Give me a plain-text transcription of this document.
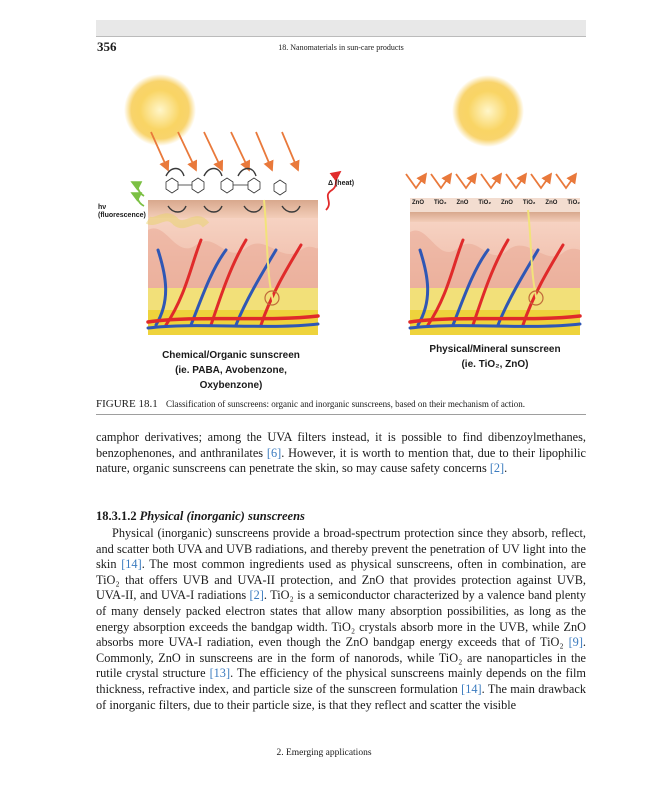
356	18. Nanomaterials in sun-care products
hν
(fluorescence)
Δ (heat)
ZnO TiO₂ ZnO TiO₂ ZnO TiO₂ ZnO TiO₂
Chemical/Organic sunscreen
(ie. PABA, Avobenzone,
Oxybenzone)
Physical/Mineral sunscreen
(ie. TiO₂, ZnO)
FIGURE 18.1 Classification of sunscreens: organic and inorganic sunscreens, based on their mechanism of action.

camphor derivatives; among the UVA filters instead, it is possible to find dibenzoylmethanes, benzophenones, and anthranilates [6]. However, it is worth to mention that, due to their lipophilic nature, organic sunscreens can penetrate the skin, so may cause safety concerns [2].

18.3.1.2 Physical (inorganic) sunscreens

Physical (inorganic) sunscreens provide a broad-spectrum protection since they absorb, reflect, and scatter both UVA and UVB radiations, and thereby prevent the penetration of UV light into the skin [14]. The most common ingredients used as physical sunscreens, often in combination, are TiO₂ that offers UVB and UVA-II protection, and ZnO that provides protection against UVB, UVA-II, and UVA-I radiations [2]. TiO₂ is a semiconductor characterized by a valence band plenty of many densely packed electron states that allow many absorption possibilities, as long as the energy absorption exceeds the bandgap width. TiO₂ crystals absorb more in the UVB, while ZnO absorbs more UVA-I radiation, even though the ZnO bandgap energy exceeds that of TiO₂ [9]. Commonly, ZnO in sunscreens are in the form of nanorods, while TiO₂ are nanoparticles in the rutile crystal structure [13]. The efficiency of the physical sunscreens mainly depends on the film thickness, refractive index, and particle size of the sunscreen formulation [14]. The main drawback of inorganic filters, due to their particle size, is that they reflect and scatter the visible

2. Emerging applications
